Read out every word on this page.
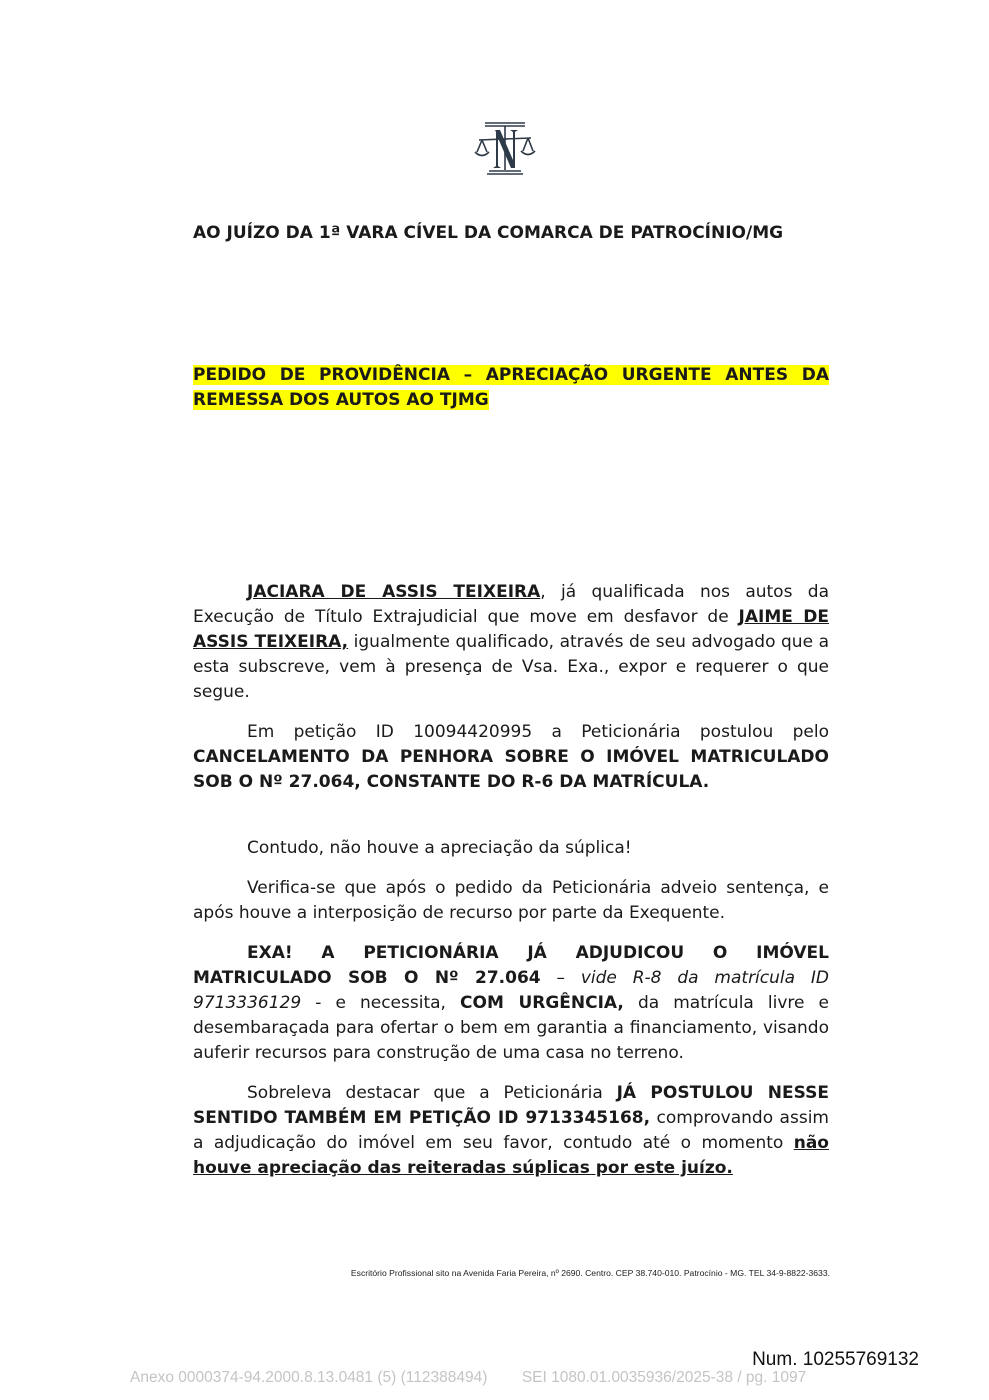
AO JUÍZO DA 1ª VARA CÍVEL DA COMARCA DE PATROCÍNIO/MG
PEDIDO DE PROVIDÊNCIA – APRECIAÇÃO URGENTE ANTES DA REMESSA DOS AUTOS AO TJMG
JACIARA DE ASSIS TEIXEIRA, já qualificada nos autos da Execução de Título Extrajudicial que move em desfavor de JAIME DE ASSIS TEIXEIRA, igualmente qualificado, através de seu advogado que a esta subscreve, vem à presença de Vsa. Exa., expor e requerer o que segue.
Em petição ID 10094420995 a Peticionária postulou pelo CANCELAMENTO DA PENHORA SOBRE O IMÓVEL MATRICULADO SOB O Nº 27.064, CONSTANTE DO R-6 DA MATRÍCULA.
Contudo, não houve a apreciação da súplica!
Verifica-se que após o pedido da Peticionária adveio sentença, e após houve a interposição de recurso por parte da Exequente.
EXA! A PETICIONÁRIA JÁ ADJUDICOU O IMÓVEL MATRICULADO SOB O Nº 27.064 – vide R-8 da matrícula ID 9713336129 - e necessita, COM URGÊNCIA, da matrícula livre e desembaraçada para ofertar o bem em garantia a financiamento, visando auferir recursos para construção de uma casa no terreno.
Sobreleva destacar que a Peticionária JÁ POSTULOU NESSE SENTIDO TAMBÉM EM PETIÇÃO ID 9713345168, comprovando assim a adjudicação do imóvel em seu favor, contudo até o momento não houve apreciação das reiteradas súplicas por este juízo.
Escritório Profissional sito na Avenida Faria Pereira, nº 2690. Centro. CEP 38.740-010. Patrocínio - MG. TEL 34-9-8822-3633.
Num. 10255769132
Anexo 0000374-94.2000.8.13.0481 (5) (112388494)        SEI 1080.01.0035936/2025-38 / pg. 1097
